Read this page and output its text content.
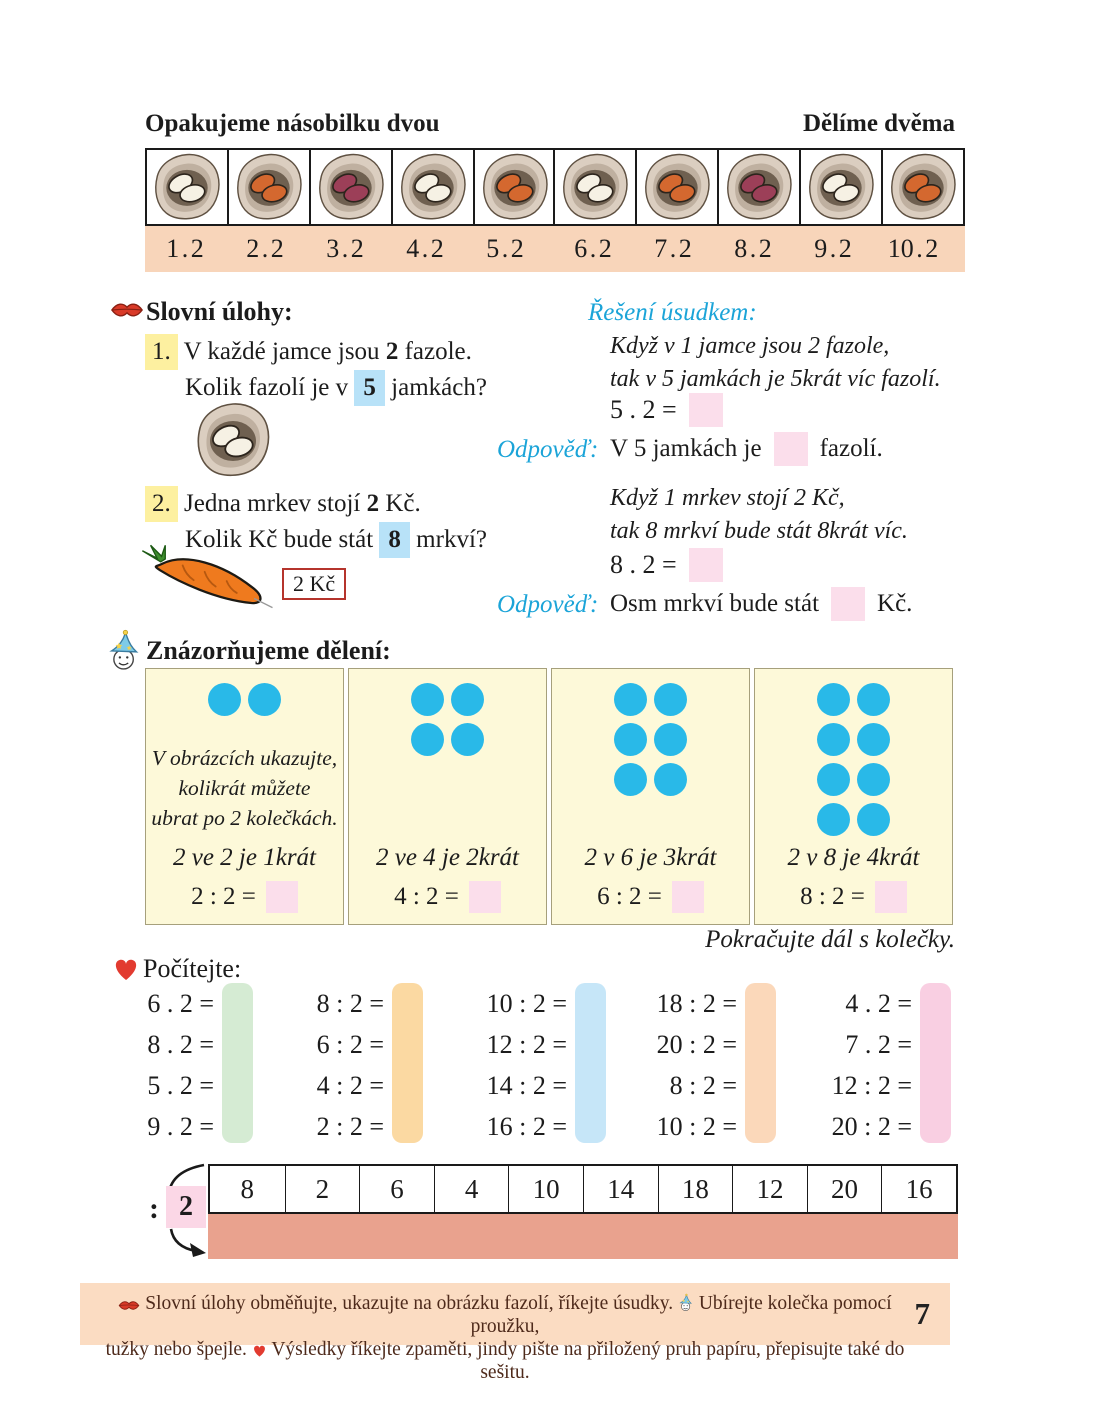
Opakujeme násobilku dvou	Dělíme dvěma
1 . 2	2 . 2	3 . 2	4 . 2	5 . 2	6 . 2	7 . 2	8 . 2	9 . 2	10 . 2
Slovní úlohy:	Řešení úsudkem:
1. V každé jamce jsou 2 fazole.
Kolik fazolí je v 5 jamkách?
Když v 1 jamce jsou 2 fazole,
tak v 5 jamkách je 5krát víc fazolí.
5 . 2 =
Odpověď: V 5 jamkách je fazolí.
2. Jedna mrkev stojí 2 Kč.
Kolik Kč bude stát 8 mrkví?
2 Kč
Když 1 mrkev stojí 2 Kč,
tak 8 mrkví bude stát 8krát víc.
8 . 2 =
Odpověď: Osm mrkví bude stát Kč.
Znázorňujeme dělení:
V obrázcích ukazujte,
kolikrát můžete
ubrat po 2 kolečkách.
2 ve 2 je 1krát
2 : 2 =
2 ve 4 je 2krát
4 : 2 =
2 v 6 je 3krát
6 : 2 =
2 v 8 je 4krát
8 : 2 =
Pokračujte dál s kolečky.
Počítejte:
6 . 2 =
8 . 2 =
5 . 2 =
9 . 2 =
8 : 2 =
6 : 2 =
4 : 2 =
2 : 2 =
10 : 2 =
12 : 2 =
14 : 2 =
16 : 2 =
18 : 2 =
20 : 2 =
8 : 2 =
10 : 2 =
4 . 2 =
7 . 2 =
12 : 2 =
20 : 2 =
: 2
8	2	6	4	10	14	18	12	20	16
Slovní úlohy obměňujte, ukazujte na obrázku fazolí, říkejte úsudky. Ubírejte kolečka pomocí proužku,
tužky nebo špejle. Výsledky říkejte zpaměti, jindy pište na přiložený pruh papíru, přepisujte také do sešitu.
7
